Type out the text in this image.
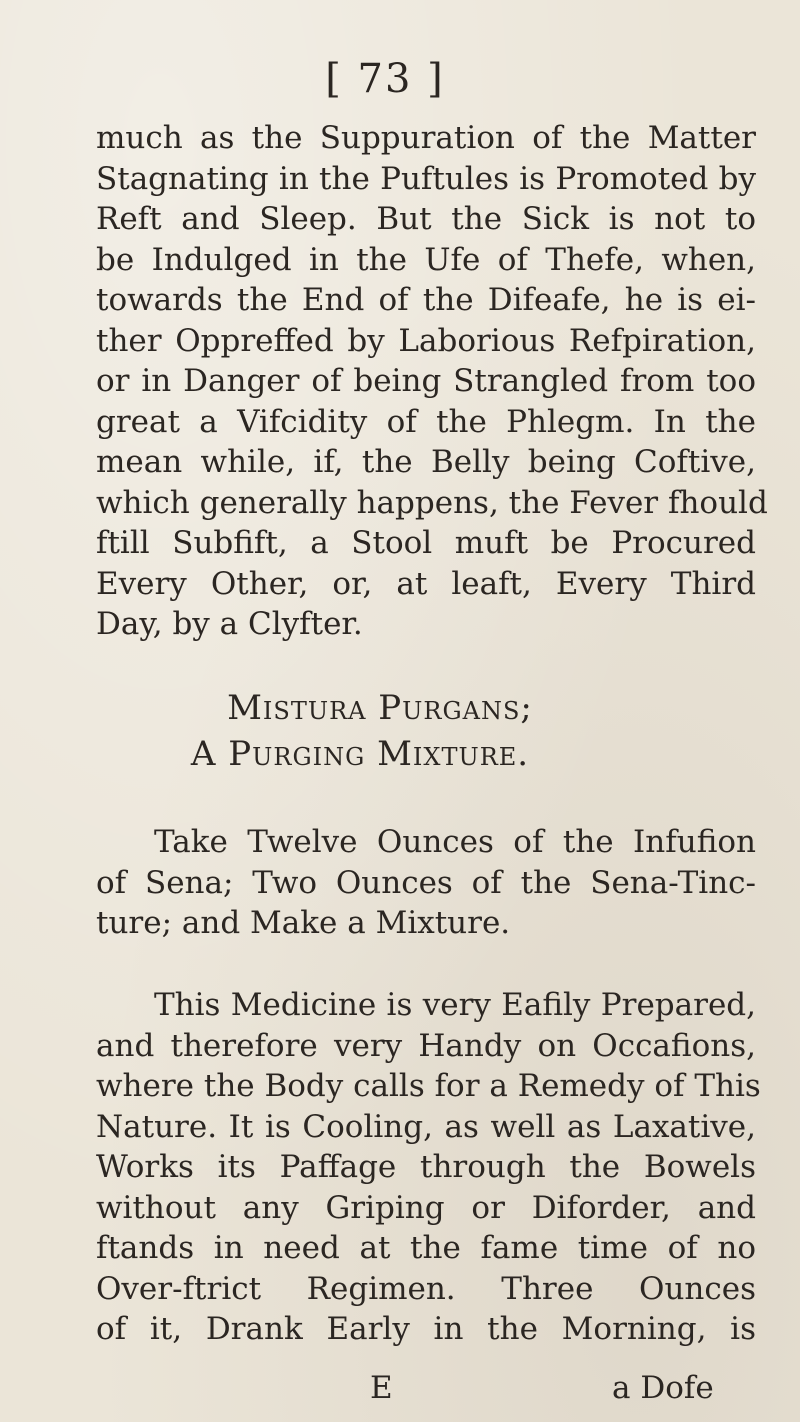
[ 73 ]
much as the Suppuration of the Matter
Stagnating in the Puftules is Promoted by
Reft and Sleep. But the Sick is not to
be Indulged in the Ufe of Thefe, when,
towards the End of the Difeafe, he is ei-
ther Oppreffed by Laborious Refpiration,
or in Danger of being Strangled from too
great a Vifcidity of the Phlegm. In the
mean while, if, the Belly being Coftive,
which generally happens, the Fever fhould
ftill Subfift, a Stool muft be Procured
Every Other, or, at leaft, Every Third
Day, by a Clyfter.
Mistura Purgans;
A Purging Mixture.
Take Twelve Ounces of the Infufion
of Sena; Two Ounces of the Sena-Tinc-
ture; and Make a Mixture.
This Medicine is very Eafily Prepared,
and therefore very Handy on Occafions,
where the Body calls for a Remedy of This
Nature. It is Cooling, as well as Laxative,
Works its Paffage through the Bowels
without any Griping or Diforder, and
ftands in need at the fame time of no
Over-ftrict Regimen. Three Ounces
of it, Drank Early in the Morning, is
E	a Dofe
